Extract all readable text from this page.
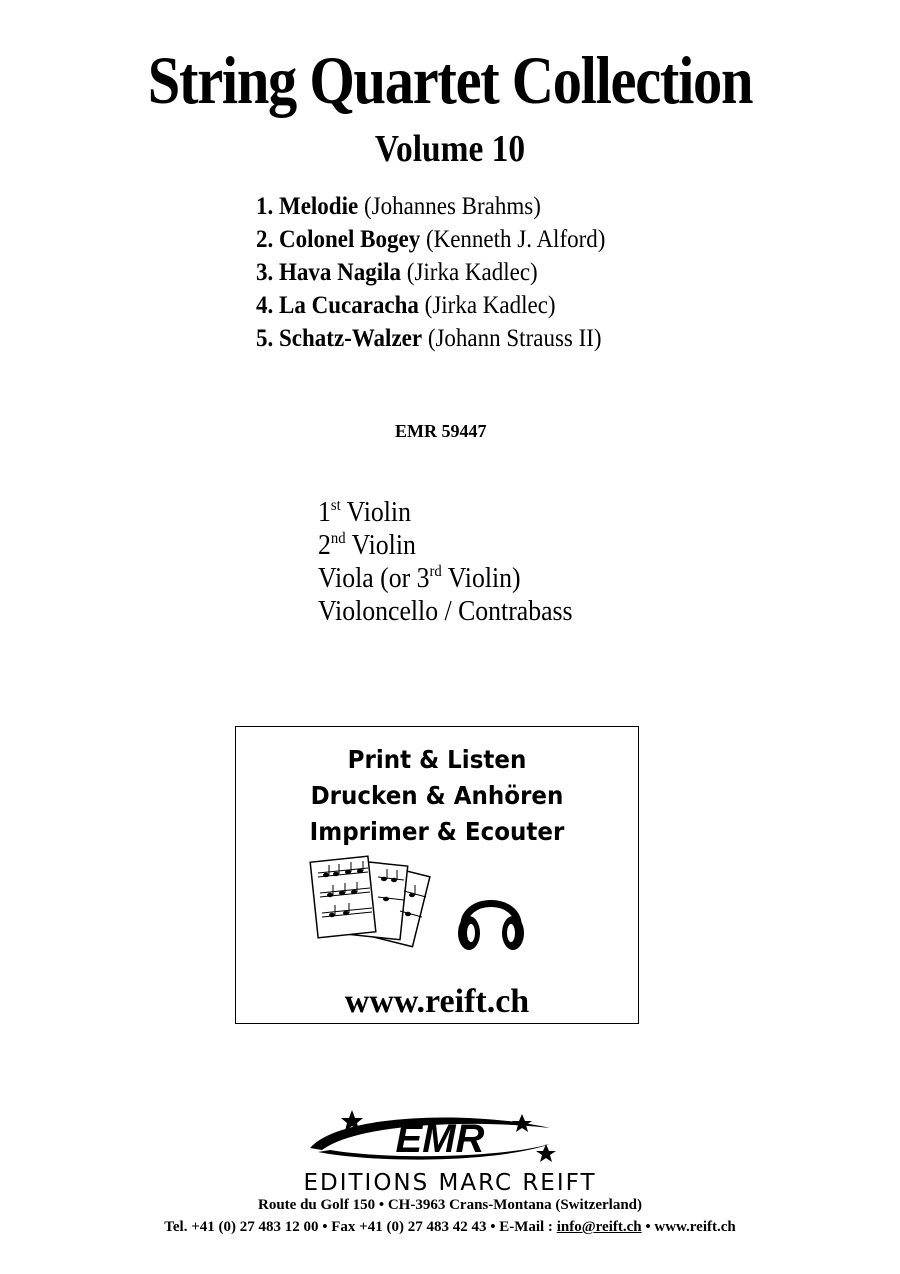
String Quartet Collection
Volume 10
1. Melodie (Johannes Brahms)
2. Colonel Bogey (Kenneth J. Alford)
3. Hava Nagila (Jirka Kadlec)
4. La Cucaracha (Jirka Kadlec)
5. Schatz-Walzer (Johann Strauss II)
EMR 59447
1st Violin
2nd Violin
Viola (or 3rd Violin)
Violoncello / Contrabass
Print & Listen
Drucken & Anhören
Imprimer & Ecouter
www.reift.ch
EMR
EDITIONS MARC REIFT
Route du Golf 150 • CH-3963 Crans-Montana (Switzerland)
Tel. +41 (0) 27 483 12 00 • Fax +41 (0) 27 483 42 43 • E-Mail : info@reift.ch • www.reift.ch
